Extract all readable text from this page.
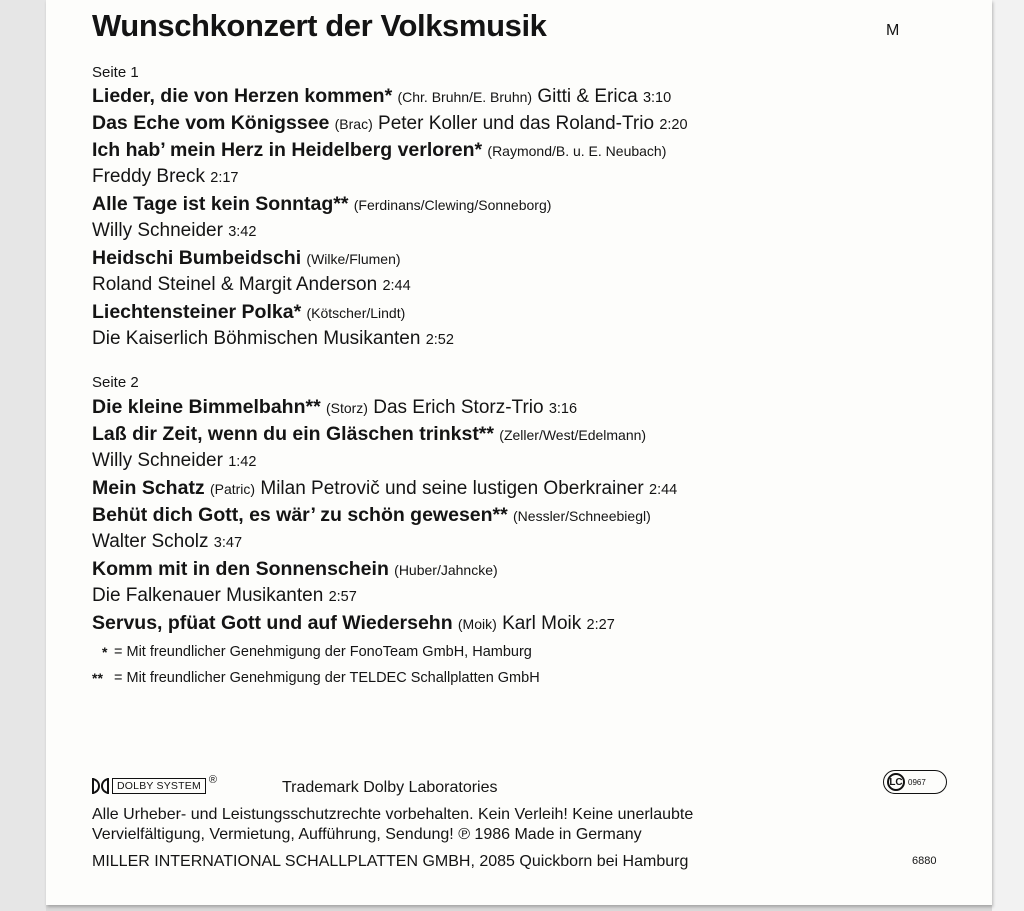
Wunschkonzert der Volksmusik	M
Seite 1
Lieder, die von Herzen kommen* (Chr. Bruhn/E. Bruhn) Gitti & Erica 3:10
Das Eche vom Königssee (Brac) Peter Koller und das Roland-Trio 2:20
Ich hab’ mein Herz in Heidelberg verloren* (Raymond/B. u. E. Neubach)
Freddy Breck 2:17
Alle Tage ist kein Sonntag** (Ferdinans/Clewing/Sonneborg)
Willy Schneider 3:42
Heidschi Bumbeidschi (Wilke/Flumen)
Roland Steinel & Margit Anderson 2:44
Liechtensteiner Polka* (Kötscher/Lindt)
Die Kaiserlich Böhmischen Musikanten 2:52
Seite 2
Die kleine Bimmelbahn** (Storz) Das Erich Storz-Trio 3:16
Laß dir Zeit, wenn du ein Gläschen trinkst** (Zeller/West/Edelmann)
Willy Schneider 1:42
Mein Schatz (Patric) Milan Petrovič und seine lustigen Oberkrainer 2:44
Behüt dich Gott, es wär’ zu schön gewesen** (Nessler/Schneebiegl)
Walter Scholz 3:47
Komm mit in den Sonnenschein (Huber/Jahncke)
Die Falkenauer Musikanten 2:57
Servus, pfüat Gott und auf Wiedersehn (Moik) Karl Moik 2:27
* = Mit freundlicher Genehmigung der FonoTeam GmbH, Hamburg
** = Mit freundlicher Genehmigung der TELDEC Schallplatten GmbH
DOLBY SYSTEM ®	Trademark Dolby Laboratories	LC 0967
Alle Urheber- und Leistungsschutzrechte vorbehalten. Kein Verleih! Keine unerlaubte
Vervielfältigung, Vermietung, Aufführung, Sendung! ℗ 1986 Made in Germany
MILLER INTERNATIONAL SCHALLPLATTEN GMBH, 2085 Quickborn bei Hamburg	6880
